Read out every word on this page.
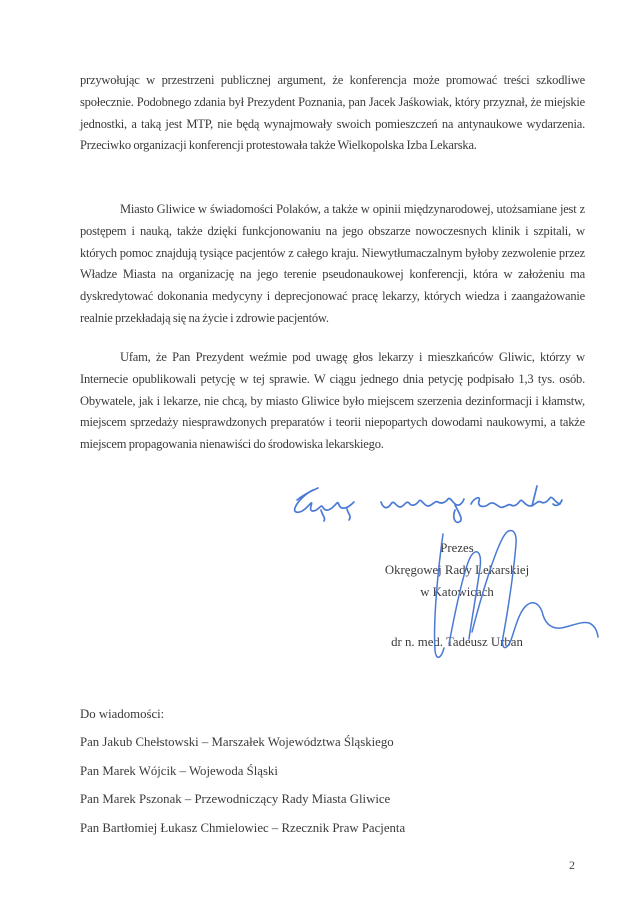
przywołując w przestrzeni publicznej argument, że konferencja może promować treści szkodliwe społecznie. Podobnego zdania był Prezydent Poznania, pan Jacek Jaśkowiak, który przyznał, że miejskie jednostki, a taką jest MTP, nie będą wynajmowały swoich pomieszczeń na antynaukowe wydarzenia. Przeciwko organizacji konferencji protestowała także Wielkopolska Izba Lekarska.

Miasto Gliwice w świadomości Polaków, a także w opinii międzynarodowej, utożsamiane jest z postępem i nauką, także dzięki funkcjonowaniu na jego obszarze nowoczesnych klinik i szpitali, w których pomoc znajdują tysiące pacjentów z całego kraju. Niewytłumaczalnym byłoby zezwolenie przez Władze Miasta na organizację na jego terenie pseudonaukowej konferencji, która w założeniu ma dyskredytować dokonania medycyny i deprecjonować pracę lekarzy, których wiedza i zaangażowanie realnie przekładają się na życie i zdrowie pacjentów.

Ufam, że Pan Prezydent weźmie pod uwagę głos lekarzy i mieszkańców Gliwic, którzy w Internecie opublikowali petycję w tej sprawie. W ciągu jednego dnia petycję podpisało 1,3 tys. osób. Obywatele, jak i lekarze, nie chcą, by miasto Gliwice było miejscem szerzenia dezinformacji i kłamstw, miejscem sprzedaży niesprawdzonych preparatów i teorii niepopartych dowodami naukowymi, a także miejscem propagowania nienawiści do środowiska lekarskiego.

Prezes
Okręgowej Rady Lekarskiej
w Katowicach
dr n. med. Tadeusz Urban
Do wiadomości:
Pan Jakub Chełstowski – Marszałek Województwa Śląskiego
Pan Marek Wójcik – Wojewoda Śląski
Pan Marek Pszonak – Przewodniczący Rady Miasta Gliwice
Pan Bartłomiej Łukasz Chmielowiec – Rzecznik Praw Pacjenta
2
